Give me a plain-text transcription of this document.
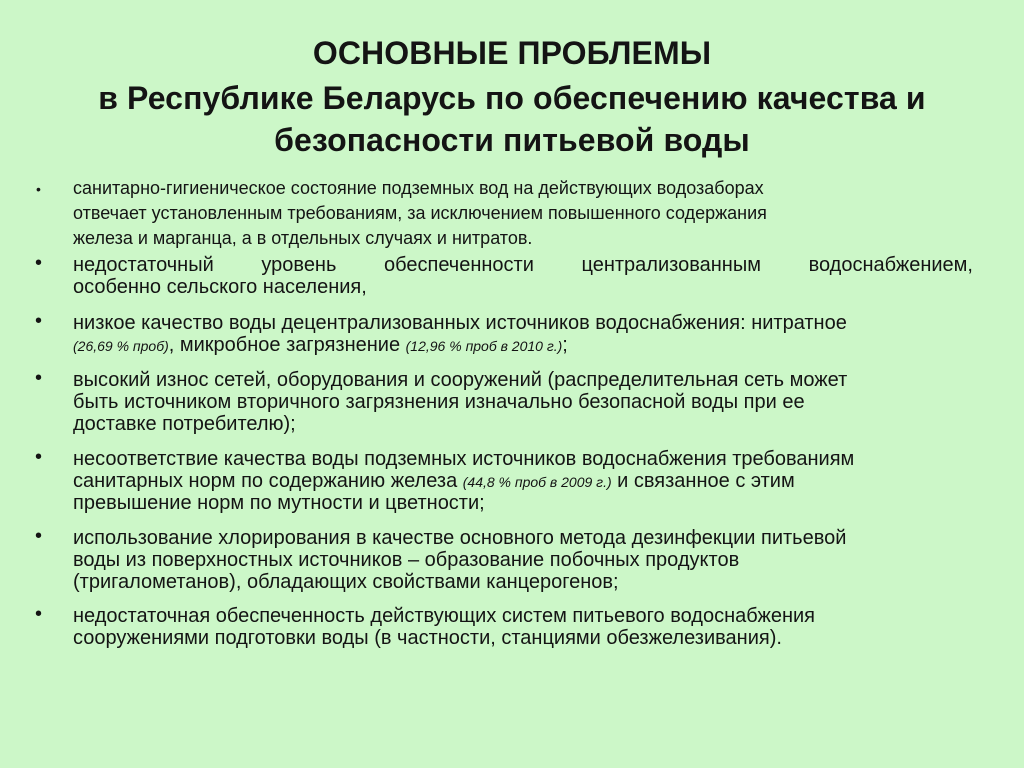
ОСНОВНЫЕ ПРОБЛЕМЫ
в Республике Беларусь по обеспечению качества и
безопасности питьевой воды
• санитарно-гигиеническое состояние подземных вод на действующих водозаборах
отвечает установленным требованиям, за исключением повышенного содержания
железа и марганца, а в отдельных случаях и нитратов.
• недостаточный уровень обеспеченности централизованным водоснабжением,
особенно сельского населения,
• низкое качество воды децентрализованных источников водоснабжения: нитратное
(26,69 % проб), микробное загрязнение (12,96 % проб в 2010 г.);
• высокий износ сетей, оборудования и сооружений (распределительная сеть может
быть источником вторичного загрязнения изначально безопасной воды при ее
доставке потребителю);
• несоответствие качества воды подземных источников водоснабжения требованиям
санитарных норм по содержанию железа (44,8 % проб в 2009 г.) и связанное с этим
превышение норм по мутности и цветности;
• использование хлорирования в качестве основного метода дезинфекции питьевой
воды из поверхностных источников – образование побочных продуктов
(тригалометанов), обладающих свойствами канцерогенов;
• недостаточная обеспеченность действующих систем питьевого водоснабжения
сооружениями подготовки воды (в частности, станциями обезжелезивания).
